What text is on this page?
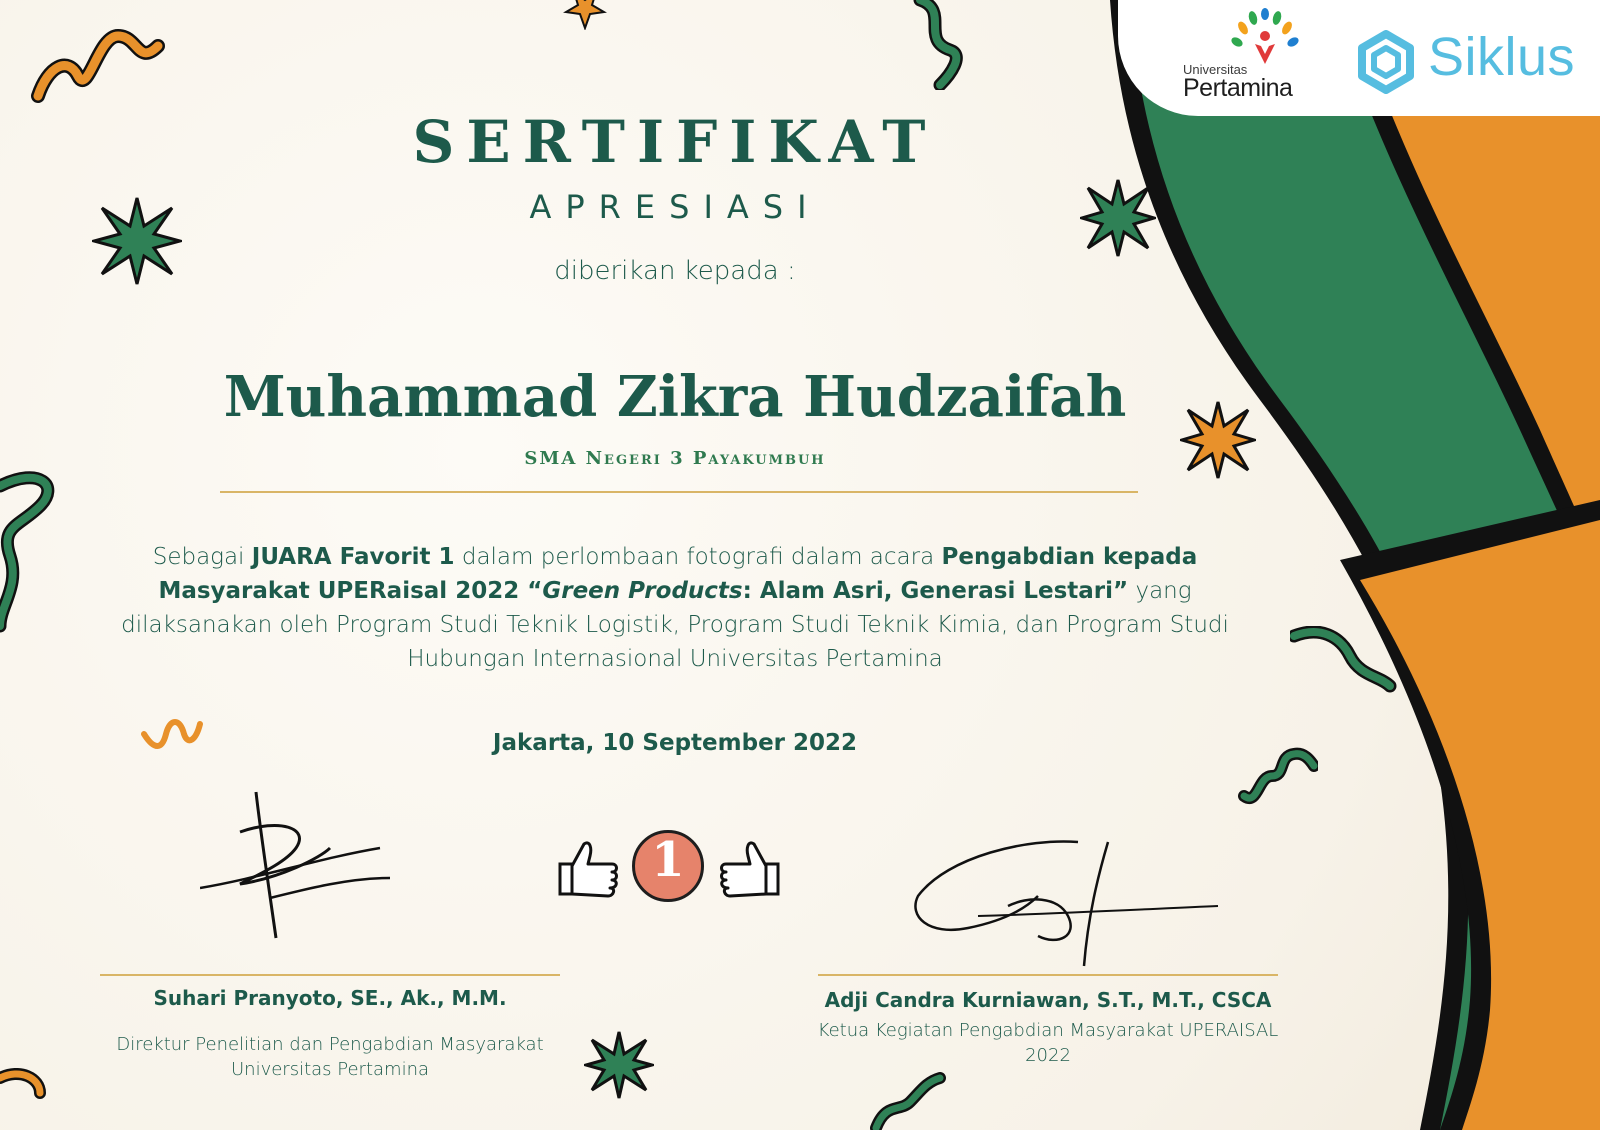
Universitas
Pertamina
Siklus
SERTIFIKAT
APRESIASI
diberikan kepada :
Muhammad Zikra Hudzaifah
SMA Negeri 3 Payakumbuh
Sebagai JUARA Favorit 1 dalam perlombaan fotografi dalam acara Pengabdian kepada Masyarakat UPERaisal 2022 “Green Products: Alam Asri, Generasi Lestari” yang dilaksanakan oleh Program Studi Teknik Logistik, Program Studi Teknik Kimia, dan Program Studi Hubungan Internasional Universitas Pertamina
Jakarta, 10 September 2022
1
Suhari Pranyoto, SE., Ak., M.M.
Direktur Penelitian dan Pengabdian Masyarakat
Universitas Pertamina
Adji Candra Kurniawan, S.T., M.T., CSCA
Ketua Kegiatan Pengabdian Masyarakat UPERAISAL
2022
